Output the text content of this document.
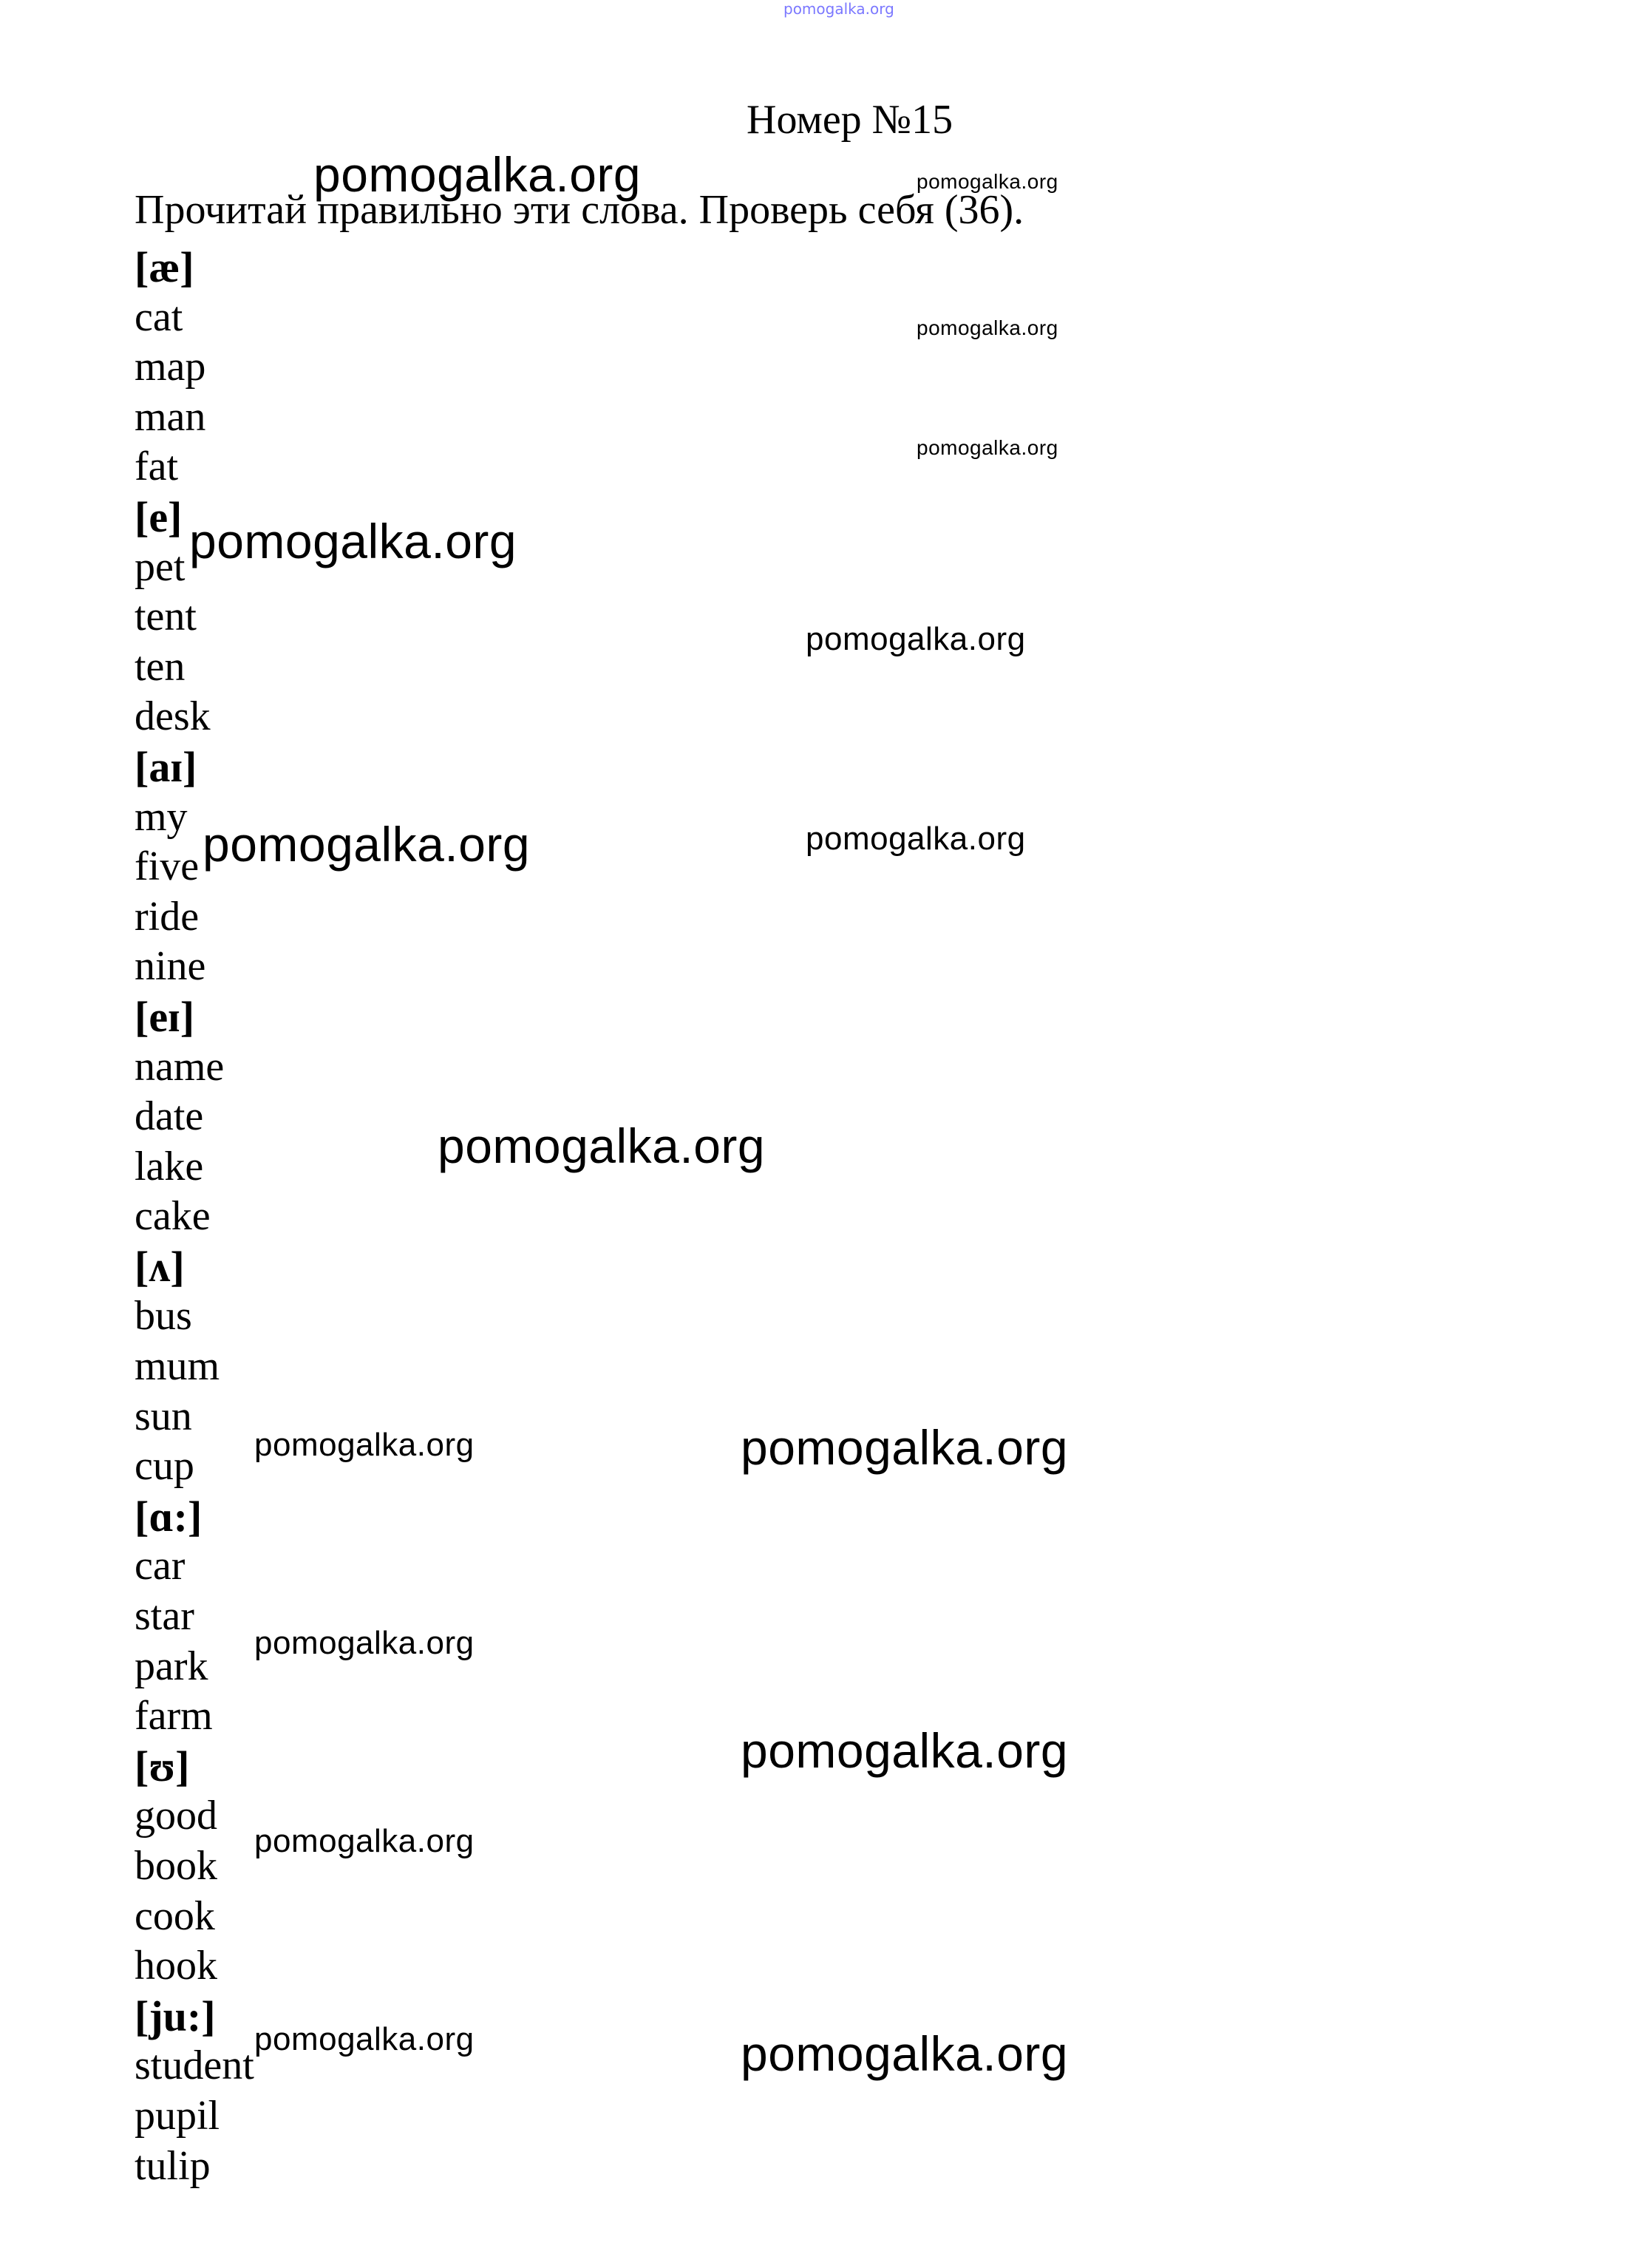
pomogalka.org
Номер №15
Прочитай правильно эти слова. Проверь себя (36).
[æ]
cat
map
man
fat
[e]
pet
tent
ten
desk
[aɪ]
my
five
ride
nine
[eɪ]
name
date
lake
cake
[ʌ]
bus
mum
sun
cup
[ɑ:]
car
star
park
farm
[ʊ]
good
book
cook
hook
[ju:]
student
pupil
tulip
pomogalka.org	pomogalka.org
pomogalka.org
pomogalka.org
pomogalka.org
pomogalka.org
pomogalka.org	pomogalka.org
pomogalka.org
pomogalka.org	pomogalka.org
pomogalka.org
pomogalka.org
pomogalka.org
pomogalka.org	pomogalka.org
